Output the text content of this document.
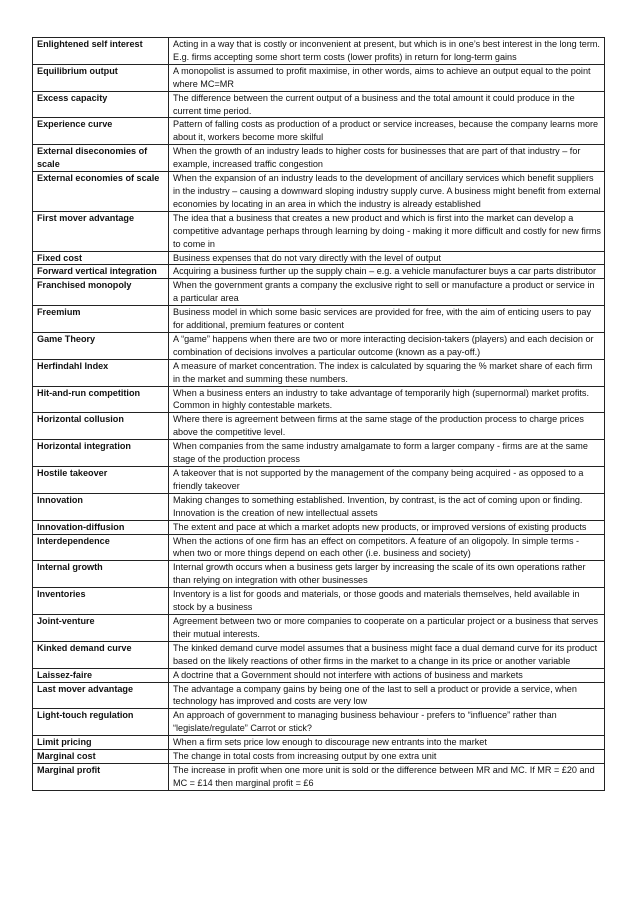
Enlightened self interest	Acting in a way that is costly or inconvenient at present, but which is in one’s best interest in the long term. E.g. firms accepting some short term costs (lower profits) in return for long-term gains
Equilibrium output	A monopolist is assumed to profit maximise, in other words, aims to achieve an output equal to the point where MC=MR
Excess capacity	The difference between the current output of a business and the total amount it could produce in the current time period.
Experience curve	Pattern of falling costs as production of a product or service increases, because the company learns more about it, workers become more skilful
External diseconomies of scale	When the growth of an industry leads to higher costs for businesses that are part of that industry – for example, increased traffic congestion
External economies of scale	When the expansion of an industry leads to the development of ancillary services which benefit suppliers in the industry – causing a downward sloping industry supply curve. A business might benefit from external economies by locating in an area in which the industry is already established
First mover advantage	The idea that a business that creates a new product and which is first into the market can develop a competitive advantage perhaps through learning by doing - making it more difficult and costly for new firms to come in
Fixed cost	Business expenses that do not vary directly with the level of output
Forward vertical integration	Acquiring a business further up the supply chain – e.g. a vehicle manufacturer buys a car parts distributor
Franchised monopoly	When the government grants a company the exclusive right to sell or manufacture a product or service in a particular area
Freemium	Business model in which some basic services are provided for free, with the aim of enticing users to pay for additional, premium features or content
Game Theory	A “game” happens when there are two or more interacting decision-takers (players) and each decision or combination of decisions involves a particular outcome (known as a pay-off.)
Herfindahl Index	A measure of market concentration. The index is calculated by squaring the % market share of each firm in the market and summing these numbers.
Hit-and-run competition	When a business enters an industry to take advantage of temporarily high (supernormal) market profits. Common in highly contestable markets.
Horizontal collusion	Where there is agreement between firms at the same stage of the production process to charge prices above the competitive level.
Horizontal integration	When companies from the same industry amalgamate to form a larger company - firms are at the same stage of the production process
Hostile takeover	A takeover that is not supported by the management of the company being acquired - as opposed to a friendly takeover
Innovation	Making changes to something established. Invention, by contrast, is the act of coming upon or finding. Innovation is the creation of new intellectual assets
Innovation-diffusion	The extent and pace at which a market adopts new products, or improved versions of existing products
Interdependence	When the actions of one firm has an effect on competitors. A feature of an oligopoly. In simple terms - when two or more things depend on each other (i.e. business and society)
Internal growth	Internal growth occurs when a business gets larger by increasing the scale of its own operations rather than relying on integration with other businesses
Inventories	Inventory is a list for goods and materials, or those goods and materials themselves, held available in stock by a business
Joint-venture	Agreement between two or more companies to cooperate on a particular project or a business that serves their mutual interests.
Kinked demand curve	The kinked demand curve model assumes that a business might face a dual demand curve for its product based on the likely reactions of other firms in the market to a change in its price or another variable
Laissez-faire	A doctrine that a Government should not interfere with actions of business and markets
Last mover advantage	The advantage a company gains by being one of the last to sell a product or provide a service, when technology has improved and costs are very low
Light-touch regulation	An approach of government to managing business behaviour - prefers to “influence” rather than “legislate/regulate” Carrot or stick?
Limit pricing	When a firm sets price low enough to discourage new entrants into the market
Marginal cost	The change in total costs from increasing output by one extra unit
Marginal profit	The increase in profit when one more unit is sold or the difference between MR and MC. If MR = £20 and MC = £14 then marginal profit = £6
